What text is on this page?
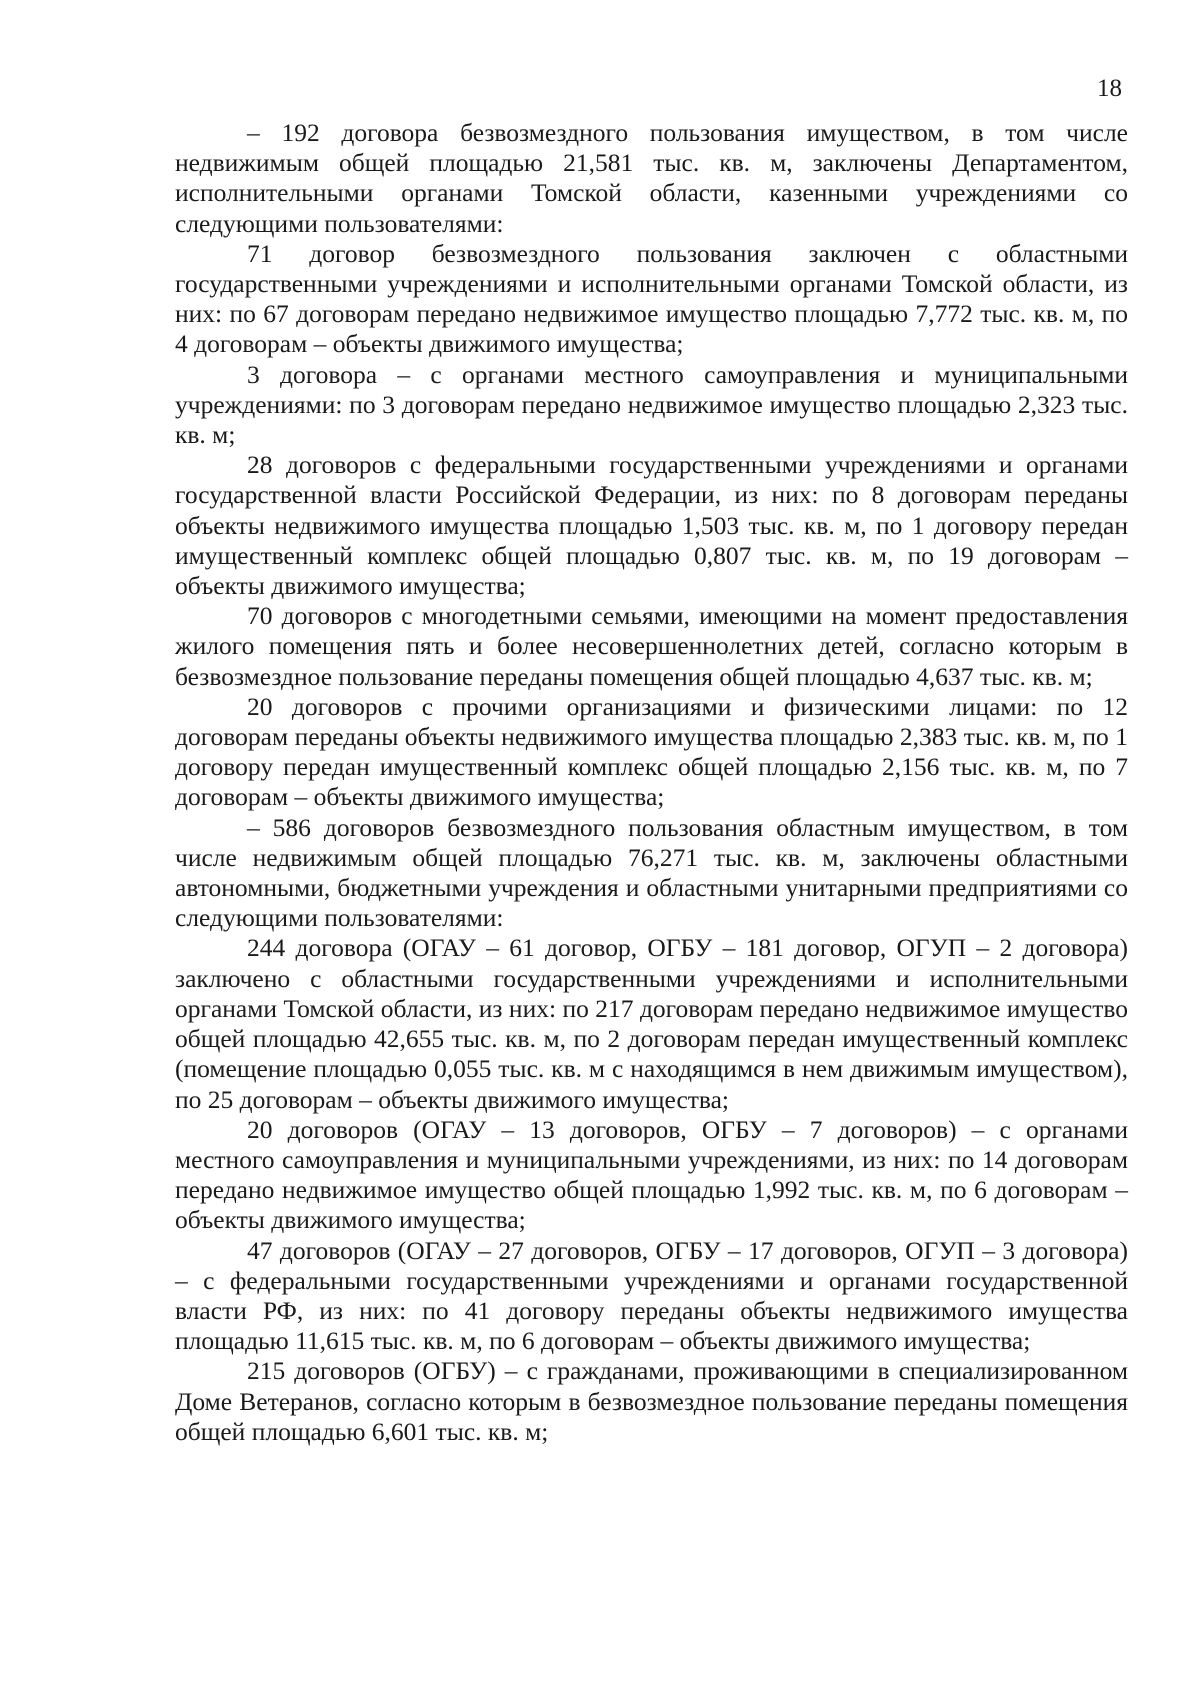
18

– 192 договора безвозмездного пользования имуществом, в том числе недвижимым общей площадью 21,581 тыс. кв. м, заключены Департаментом, исполнительными органами Томской области, казенными учреждениями со следующими пользователями:

71 договор безвозмездного пользования заключен с областными государственными учреждениями и исполнительными органами Томской области, из них: по 67 договорам передано недвижимое имущество площадью 7,772 тыс. кв. м, по 4 договорам – объекты движимого имущества;

3 договора – с органами местного самоуправления и муниципальными учреждениями: по 3 договорам передано недвижимое имущество площадью 2,323 тыс. кв. м;

28 договоров с федеральными государственными учреждениями и органами государственной власти Российской Федерации, из них: по 8 договорам переданы объекты недвижимого имущества площадью 1,503 тыс. кв. м, по 1 договору передан имущественный комплекс общей площадью 0,807 тыс. кв. м, по 19 договорам – объекты движимого имущества;

70 договоров с многодетными семьями, имеющими на момент предоставления жилого помещения пять и более несовершеннолетних детей, согласно которым в безвозмездное пользование переданы помещения общей площадью 4,637 тыс. кв. м;

20 договоров с прочими организациями и физическими лицами: по 12 договорам переданы объекты недвижимого имущества площадью 2,383 тыс. кв. м, по 1 договору передан имущественный комплекс общей площадью 2,156 тыс. кв. м, по 7 договорам – объекты движимого имущества;

– 586 договоров безвозмездного пользования областным имуществом, в том числе недвижимым общей площадью 76,271 тыс. кв. м, заключены областными автономными, бюджетными учреждения и областными унитарными предприятиями со следующими пользователями:

244 договора (ОГАУ – 61 договор, ОГБУ – 181 договор, ОГУП – 2 договора) заключено с областными государственными учреждениями и исполнительными органами Томской области, из них: по 217 договорам передано недвижимое имущество общей площадью 42,655 тыс. кв. м, по 2 договорам передан имущественный комплекс (помещение площадью 0,055 тыс. кв. м с находящимся в нем движимым имуществом), по 25 договорам – объекты движимого имущества;

20 договоров (ОГАУ – 13 договоров, ОГБУ – 7 договоров) – с органами местного самоуправления и муниципальными учреждениями, из них: по 14 договорам передано недвижимое имущество общей площадью 1,992 тыс. кв. м, по 6 договорам – объекты движимого имущества;

47 договоров (ОГАУ – 27 договоров, ОГБУ – 17 договоров, ОГУП – 3 договора) – с федеральными государственными учреждениями и органами государственной власти РФ, из них: по 41 договору переданы объекты недвижимого имущества площадью 11,615 тыс. кв. м, по 6 договорам – объекты движимого имущества;

215 договоров (ОГБУ) – с гражданами, проживающими в специализированном Доме Ветеранов, согласно которым в безвозмездное пользование переданы помещения общей площадью 6,601 тыс. кв. м;
